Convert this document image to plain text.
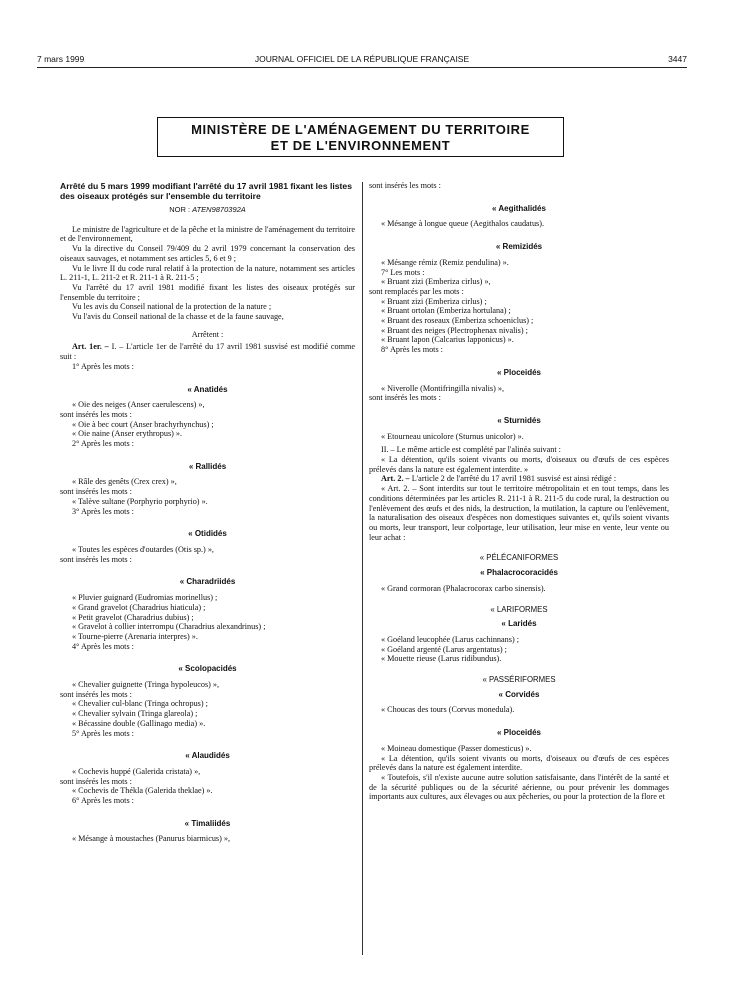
7 mars 1999	JOURNAL OFFICIEL DE LA RÉPUBLIQUE FRANÇAISE	3447
MINISTÈRE DE L'AMÉNAGEMENT DU TERRITOIRE
ET DE L'ENVIRONNEMENT

Arrêté du 5 mars 1999 modifiant l'arrêté du 17 avril 1981 fixant les listes des oiseaux protégés sur l'ensemble du territoire

NOR : ATEN9870392A

Le ministre de l'agriculture et de la pêche et la ministre de l'aménagement du territoire et de l'environnement,

Vu la directive du Conseil 79/409 du 2 avril 1979 concernant la conservation des oiseaux sauvages, et notamment ses articles 5, 6 et 9 ;

Vu le livre II du code rural relatif à la protection de la nature, notamment ses articles L. 211-1, L. 211-2 et R. 211-1 à R. 211-5 ;

Vu l'arrêté du 17 avril 1981 modifié fixant les listes des oiseaux protégés sur l'ensemble du territoire ;

Vu les avis du Conseil national de la protection de la nature ;

Vu l'avis du Conseil national de la chasse et de la faune sauvage,

Arrêtent :

Art. 1er. – I. – L'article 1er de l'arrêté du 17 avril 1981 susvisé est modifié comme suit :

1° Après les mots :

« Anatidés

« Oie des neiges (Anser caerulescens) »,

sont insérés les mots :

« Oie à bec court (Anser brachyrhynchus) ;

« Oie naine (Anser erythropus) ».

2° Après les mots :

« Rallidés

« Râle des genêts (Crex crex) »,

sont insérés les mots :

« Talève sultane (Porphyrio porphyrio) ».

3° Après les mots :

« Otididés

« Toutes les espèces d'outardes (Otis sp.) »,

sont insérés les mots :

« Charadriidés

« Pluvier guignard (Eudromias morinellus) ;

« Grand gravelot (Charadrius hiaticula) ;

« Petit gravelot (Charadrius dubius) ;

« Gravelot à collier interrompu (Charadrius alexandrinus) ;

« Tourne-pierre (Arenaria interpres) ».

4° Après les mots :

« Scolopacidés

« Chevalier guignette (Tringa hypoleucos) »,

sont insérés les mots :

« Chevalier cul-blanc (Tringa ochropus) ;

« Chevalier sylvain (Tringa glareola) ;

« Bécassine double (Gallinago media) ».

5° Après les mots :

« Alaudidés

« Cochevis huppé (Galerida cristata) »,

sont insérés les mots :

« Cochevis de Thékla (Galerida theklae) ».

6° Après les mots :

« Timaliidés

« Mésange à moustaches (Panurus biarmicus) »,

sont insérés les mots :

« Aegithalidés

« Mésange à longue queue (Aegithalos caudatus).

« Remizidés

« Mésange rémiz (Remiz pendulina) ».

7° Les mots :

« Bruant zizi (Emberiza cirlus) »,

sont remplacés par les mots :

« Bruant zizi (Emberiza cirlus) ;

« Bruant ortolan (Emberiza hortulana) ;

« Bruant des roseaux (Emberiza schoeniclus) ;

« Bruant des neiges (Plectrophenax nivalis) ;

« Bruant lapon (Calcarius lapponicus) ».

8° Après les mots :

« Ploceidés

« Niverolle (Montifringilla nivalis) »,

sont insérés les mots :

« Sturnidés

« Etourneau unicolore (Sturnus unicolor) ».

II. – Le même article est complété par l'alinéa suivant :

« La détention, qu'ils soient vivants ou morts, d'oiseaux ou d'œufs de ces espèces prélevés dans la nature est également interdite. »

Art. 2. – L'article 2 de l'arrêté du 17 avril 1981 susvisé est ainsi rédigé :

« Art. 2. – Sont interdits sur tout le territoire métropolitain et en tout temps, dans les conditions déterminées par les articles R. 211-1 à R. 211-5 du code rural, la destruction ou l'enlèvement des œufs et des nids, la destruction, la mutilation, la capture ou l'enlèvement, la naturalisation des oiseaux d'espèces non domestiques suivantes et, qu'ils soient vivants ou morts, leur transport, leur colportage, leur utilisation, leur mise en vente, leur vente ou leur achat :

« PÉLÉCANIFORMES

« Phalacrocoracidés

« Grand cormoran (Phalacrocorax carbo sinensis).

« LARIFORMES

« Laridés

« Goéland leucophée (Larus cachinnans) ;

« Goéland argenté (Larus argentatus) ;

« Mouette rieuse (Larus ridibundus).

« PASSÉRIFORMES

« Corvidés

« Choucas des tours (Corvus monedula).

« Ploceidés

« Moineau domestique (Passer domesticus) ».

« La détention, qu'ils soient vivants ou morts, d'oiseaux ou d'œufs de ces espèces prélevés dans la nature est également interdite.

« Toutefois, s'il n'existe aucune autre solution satisfaisante, dans l'intérêt de la santé et de la sécurité publiques ou de la sécurité aérienne, ou pour prévenir les dommages importants aux cultures, aux élevages ou aux pêcheries, ou pour la protection de la flore et
